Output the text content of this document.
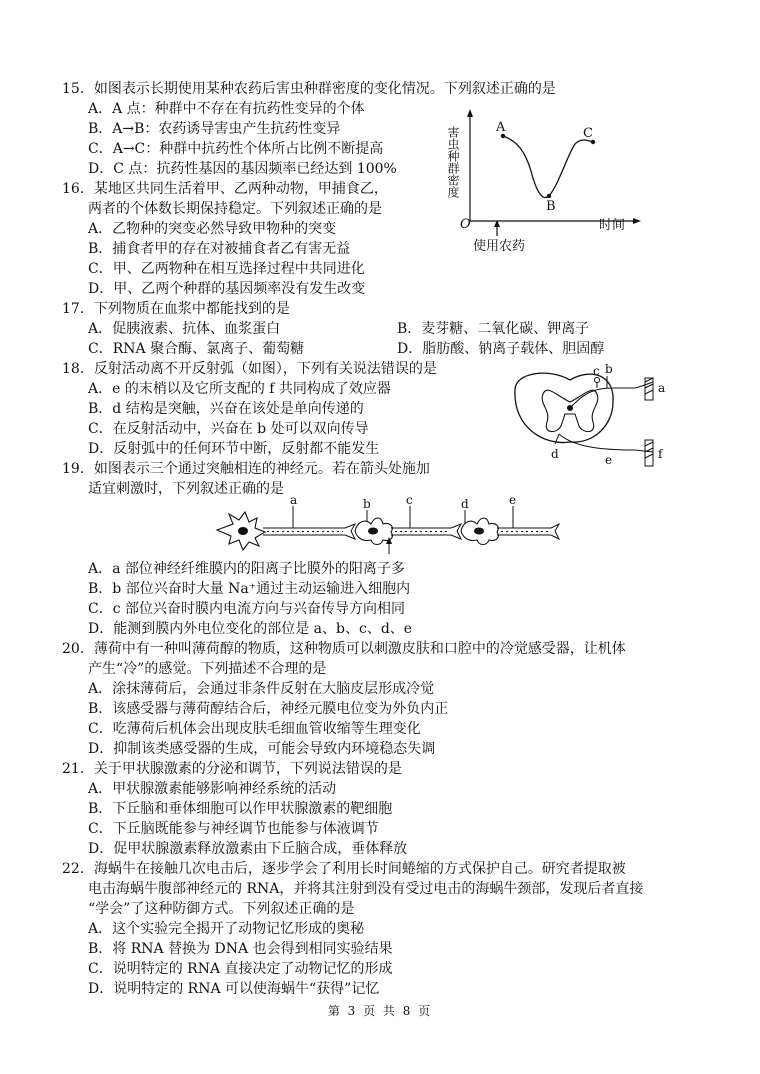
15．如图表示长期使用某种农药后害虫种群密度的变化情况。下列叙述正确的是
A．A 点：种群中不存在有抗药性变异的个体
B．A→B：农药诱导害虫产生抗药性变异
C．A→C：种群中抗药性个体所占比例不断提高
D．C 点：抗药性基因的基因频率已经达到 100%
A
B
C
O	时间
害虫种群密度
使用农药
16．某地区共同生活着甲、乙两种动物，甲捕食乙，
两者的个体数长期保持稳定。下列叙述正确的是
A．乙物种的突变必然导致甲物种的突变
B．捕食者甲的存在对被捕食者乙有害无益
C．甲、乙两物种在相互选择过程中共同进化
D．甲、乙两个种群的基因频率没有发生改变
17．下列物质在血浆中都能找到的是
A．促胰液素、抗体、血浆蛋白	B．麦芽糖、二氧化碳、钾离子
C．RNA 聚合酶、氯离子、葡萄糖	D．脂肪酸、钠离子载体、胆固醇
18．反射活动离不开反射弧（如图），下列有关说法错误的是
A．e 的末梢以及它所支配的 f 共同构成了效应器
B．d 结构是突触，兴奋在该处是单向传递的
C．在反射活动中，兴奋在 b 处可以双向传导
D．反射弧中的任何环节中断，反射都不能发生
a
b
c
d	e	f
19．如图表示三个通过突触相连的神经元。若在箭头处施加
适宜刺激时，下列叙述正确的是
a	b	c	d	e
A．a 部位神经纤维膜内的阳离子比膜外的阳离子多
B．b 部位兴奋时大量 Na⁺通过主动运输进入细胞内
C．c 部位兴奋时膜内电流方向与兴奋传导方向相同
D．能测到膜内外电位变化的部位是 a、b、c、d、e
20．薄荷中有一种叫薄荷醇的物质，这种物质可以刺激皮肤和口腔中的冷觉感受器，让机体
产生“冷”的感觉。下列描述不合理的是
A．涂抹薄荷后，会通过非条件反射在大脑皮层形成冷觉
B．该感受器与薄荷醇结合后，神经元膜电位变为外负内正
C．吃薄荷后机体会出现皮肤毛细血管收缩等生理变化
D．抑制该类感受器的生成，可能会导致内环境稳态失调
21．关于甲状腺激素的分泌和调节，下列说法错误的是
A．甲状腺激素能够影响神经系统的活动
B．下丘脑和垂体细胞可以作甲状腺激素的靶细胞
C．下丘脑既能参与神经调节也能参与体液调节
D．促甲状腺激素释放激素由下丘脑合成，垂体释放
22．海蜗牛在接触几次电击后，逐步学会了利用长时间蜷缩的方式保护自己。研究者提取被
电击海蜗牛腹部神经元的 RNA，并将其注射到没有受过电击的海蜗牛颈部，发现后者直接
“学会”了这种防御方式。下列叙述正确的是
A．这个实验完全揭开了动物记忆形成的奥秘
B．将 RNA 替换为 DNA 也会得到相同实验结果
C．说明特定的 RNA 直接决定了动物记忆的形成
D．说明特定的 RNA 可以使海蜗牛“获得”记忆
第 3 页 共 8 页
